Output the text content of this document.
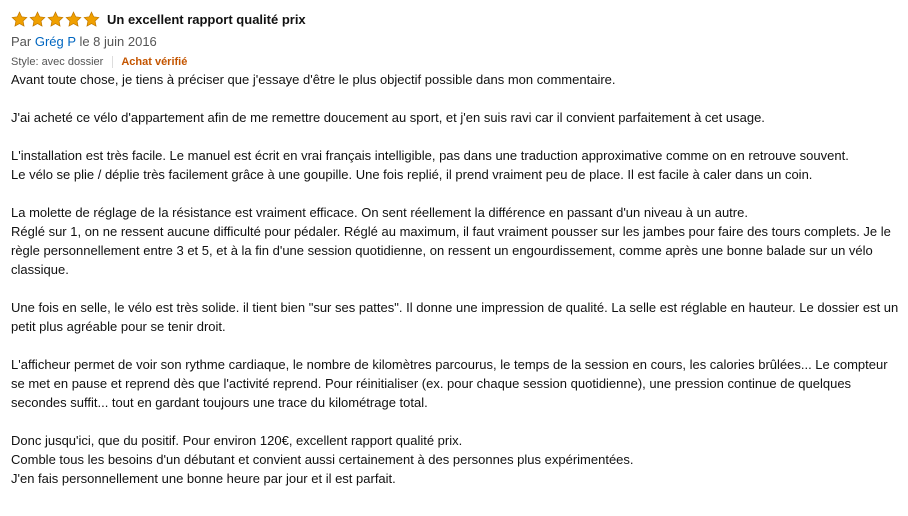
Un excellent rapport qualité prix
Par Grég P le 8 juin 2016
Style: avec dossier Achat vérifié

Avant toute chose, je tiens à préciser que j'essaye d'être le plus objectif possible dans mon commentaire.

J'ai acheté ce vélo d'appartement afin de me remettre doucement au sport, et j'en suis ravi car il convient parfaitement à cet usage.

L'installation est très facile. Le manuel est écrit en vrai français intelligible, pas dans une traduction approximative comme on en retrouve souvent.

Le vélo se plie / déplie très facilement grâce à une goupille. Une fois replié, il prend vraiment peu de place. Il est facile à caler dans un coin.

La molette de réglage de la résistance est vraiment efficace. On sent réellement la différence en passant d'un niveau à un autre.

Réglé sur 1, on ne ressent aucune difficulté pour pédaler. Réglé au maximum, il faut vraiment pousser sur les jambes pour faire des tours complets. Je le règle personnellement entre 3 et 5, et à la fin d'une session quotidienne, on ressent un engourdissement, comme après une bonne balade sur un vélo classique.

Une fois en selle, le vélo est très solide. il tient bien "sur ses pattes". Il donne une impression de qualité. La selle est réglable en hauteur. Le dossier est un petit plus agréable pour se tenir droit.

L'afficheur permet de voir son rythme cardiaque, le nombre de kilomètres parcourus, le temps de la session en cours, les calories brûlées... Le compteur se met en pause et reprend dès que l'activité reprend. Pour réinitialiser (ex. pour chaque session quotidienne), une pression continue de quelques secondes suffit... tout en gardant toujours une trace du kilométrage total.

Donc jusqu'ici, que du positif. Pour environ 120€, excellent rapport qualité prix.

Comble tous les besoins d'un débutant et convient aussi certainement à des personnes plus expérimentées.

J'en fais personnellement une bonne heure par jour et il est parfait.
